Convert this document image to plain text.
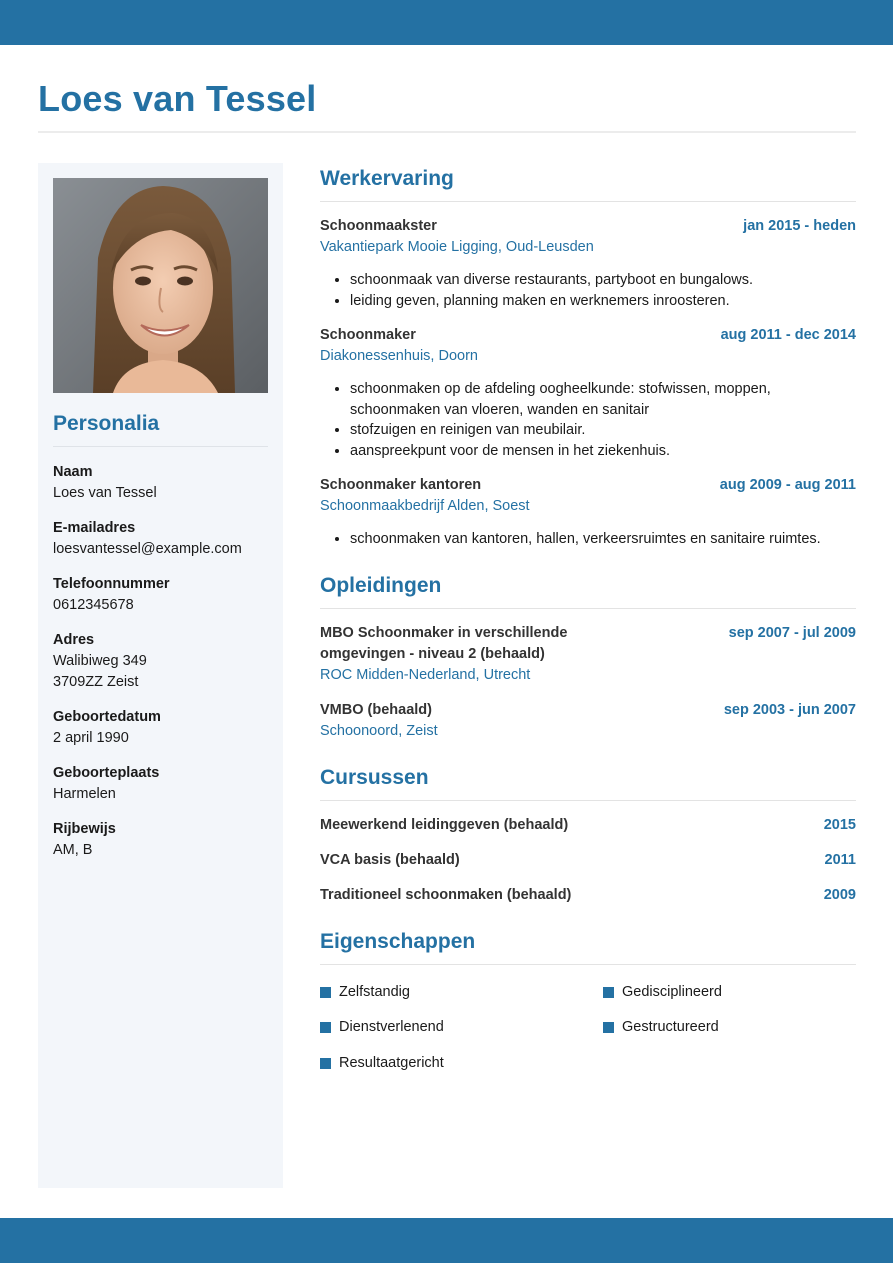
Loes van Tessel
Personalia
Naam
Loes van Tessel
E-mailadres
loesvantessel@example.com
Telefoonnummer
0612345678
Adres
Walibiweg 349
3709ZZ Zeist
Geboortedatum
2 april 1990
Geboorteplaats
Harmelen
Rijbewijs
AM, B
Werkervaring
Schoonmaakster	jan 2015 - heden
Vakantiepark Mooie Ligging, Oud-Leusden
• schoonmaak van diverse restaurants, partyboot en bungalows.
• leiding geven, planning maken en werknemers inroosteren.
Schoonmaker	aug 2011 - dec 2014
Diakonessenhuis, Doorn
• schoonmaken op de afdeling oogheelkunde: stofwissen, moppen, schoonmaken van vloeren, wanden en sanitair
• stofzuigen en reinigen van meubilair.
• aanspreekpunt voor de mensen in het ziekenhuis.
Schoonmaker kantoren	aug 2009 - aug 2011
Schoonmaakbedrijf Alden, Soest
• schoonmaken van kantoren, hallen, verkeersruimtes en sanitaire ruimtes.
Opleidingen
MBO Schoonmaker in verschillende omgevingen - niveau 2 (behaald)
sep 2007 - jul 2009
ROC Midden-Nederland, Utrecht
VMBO (behaald)	sep 2003 - jun 2007
Schoonoord, Zeist
Cursussen
Meewerkend leidinggeven (behaald)	2015
VCA basis (behaald)	2011
Traditioneel schoonmaken (behaald)	2009
Eigenschappen
Zelfstandig	Gedisciplineerd
Dienstverlenend	Gestructureerd
Resultaatgericht
